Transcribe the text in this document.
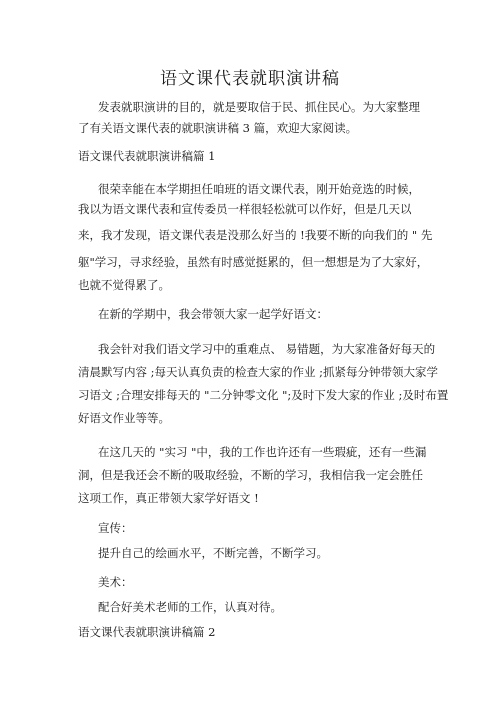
语文课代表就职演讲稿
发表就职演讲的目的，就是要取信于民、抓住民心。为大家整理
了有关语文课代表的就职演讲稿 3 篇，欢迎大家阅读。
语文课代表就职演讲稿篇 1
很荣幸能在本学期担任咱班的语文课代表，刚开始竞选的时候，
我以为语文课代表和宣传委员一样很轻松就可以作好，但是几天以
来，我才发现，语文课代表是没那么好当的 !我要不断的向我们的 " 先
躯"学习，寻求经验，虽然有时感觉挺累的，但一想想是为了大家好，
也就不觉得累了。
在新的学期中，我会带领大家一起学好语文：
我会针对我们语文学习中的重难点、 易错题，为大家准备好每天的
清晨默写内容 ;每天认真负责的检查大家的作业 ;抓紧每分钟带领大家学
习语文 ;合理安排每天的 "二分钟零文化 ";及时下发大家的作业 ;及时布置
好语文作业等等。
在这几天的 "实习 "中，我的工作也许还有一些瑕疵，还有一些漏
洞，但是我还会不断的吸取经验，不断的学习，我相信我一定会胜任
这项工作，真正带领大家学好语文 !
宣传：
提升自己的绘画水平，不断完善，不断学习。
美术：
配合好美术老师的工作，认真对待。
语文课代表就职演讲稿篇 2
